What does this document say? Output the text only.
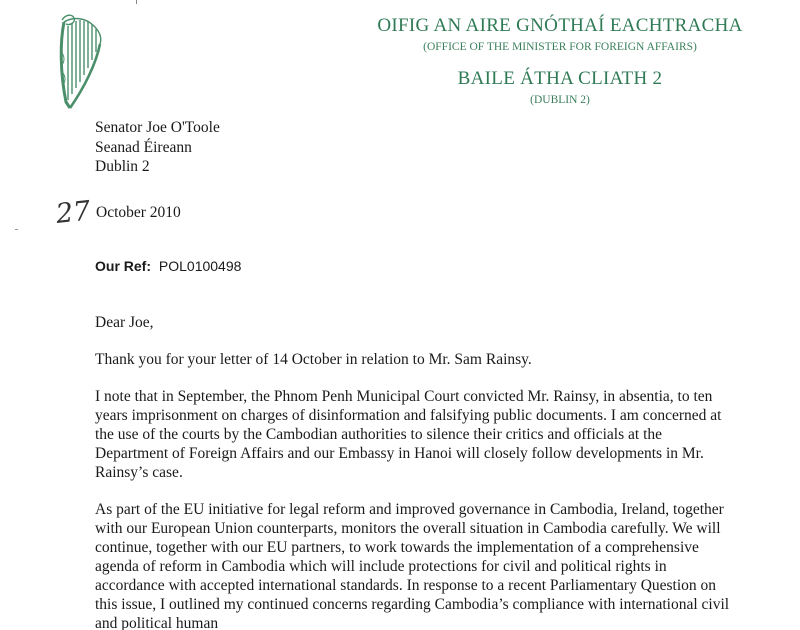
OIFIG AN AIRE GNÓTHAÍ EACHTRACHA
(OFFICE OF THE MINISTER FOR FOREIGN AFFAIRS)
BAILE ÁTHA CLIATH 2
(DUBLIN 2)
Senator Joe O'Toole
Seanad Éireann
Dublin 2
27 October 2010
Our Ref: POL0100498

Dear Joe,

Thank you for your letter of 14 October in relation to Mr. Sam Rainsy.

I note that in September, the Phnom Penh Municipal Court convicted Mr. Rainsy, in absentia, to ten years imprisonment on charges of disinformation and falsifying public documents. I am concerned at the use of the courts by the Cambodian authorities to silence their critics and officials at the Department of Foreign Affairs and our Embassy in Hanoi will closely follow developments in Mr. Rainsy’s case.

As part of the EU initiative for legal reform and improved governance in Cambodia, Ireland, together with our European Union counterparts, monitors the overall situation in Cambodia carefully. We will continue, together with our EU partners, to work towards the implementation of a comprehensive agenda of reform in Cambodia which will include protections for civil and political rights in accordance with accepted international standards. In response to a recent Parliamentary Question on this issue, I outlined my continued concerns regarding Cambodia’s compliance with international civil and political human
